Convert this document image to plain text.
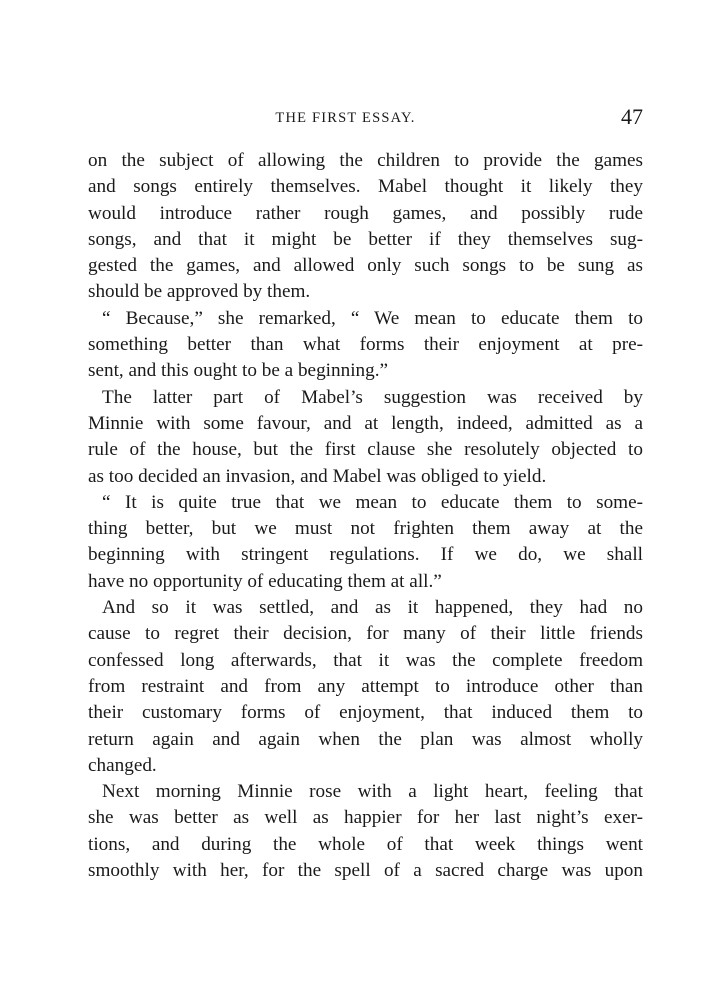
THE FIRST ESSAY.	47
on the subject of allowing the children to provide the games
and songs entirely themselves. Mabel thought it likely they
would introduce rather rough games, and possibly rude
songs, and that it might be better if they themselves sug-
gested the games, and allowed only such songs to be sung as
should be approved by them.
“ Because,” she remarked, “ We mean to educate them to
something better than what forms their enjoyment at pre-
sent, and this ought to be a beginning.”
The latter part of Mabel’s suggestion was received by
Minnie with some favour, and at length, indeed, admitted as a
rule of the house, but the first clause she resolutely objected to
as too decided an invasion, and Mabel was obliged to yield.
“ It is quite true that we mean to educate them to some-
thing better, but we must not frighten them away at the
beginning with stringent regulations. If we do, we shall
have no opportunity of educating them at all.”
And so it was settled, and as it happened, they had no
cause to regret their decision, for many of their little friends
confessed long afterwards, that it was the complete freedom
from restraint and from any attempt to introduce other than
their customary forms of enjoyment, that induced them to
return again and again when the plan was almost wholly
changed.
Next morning Minnie rose with a light heart, feeling that
she was better as well as happier for her last night’s exer-
tions, and during the whole of that week things went
smoothly with her, for the spell of a sacred charge was upon
